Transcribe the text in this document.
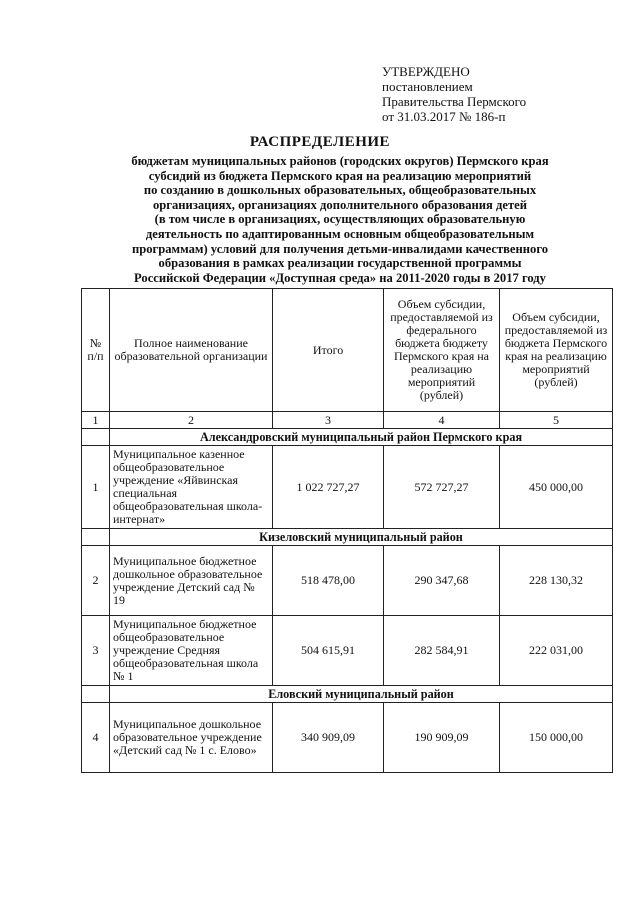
УТВЕРЖДЕНО
постановлением
Правительства Пермского
от 31.03.2017 № 186-п
РАСПРЕДЕЛЕНИЕ
бюджетам муниципальных районов (городских округов) Пермского края
субсидий из бюджета Пермского края на реализацию мероприятий
по созданию в дошкольных образовательных, общеобразовательных
организациях, организациях дополнительного образования детей
(в том числе в организациях, осуществляющих образовательную
деятельность по адаптированным основным общеобразовательным
программам) условий для получения детьми-инвалидами качественного
образования в рамках реализации государственной программы
Российской Федерации «Доступная среда» на 2011-2020 годы в 2017 году
№ п/п	Полное наименование образовательной организации	Итого	Объем субсидии, предоставляемой из федерального бюджета бюджету Пермского края на реализацию мероприятий (рублей)	Объем субсидии, предоставляемой из бюджета Пермского края на реализацию мероприятий (рублей)
1	2	3	4	5
	Александровский муниципальный район Пермского края			
1	Муниципальное казенное общеобразовательное учреждение «Яйвинская специальная общеобразовательная школа-интернат»	1 022 727,27	572 727,27	450 000,00
	Кизеловский муниципальный район			
2	Муниципальное бюджетное дошкольное образовательное учреждение Детский сад № 19	518 478,00	290 347,68	228 130,32
3	Муниципальное бюджетное общеобразовательное учреждение Средняя общеобразовательная школа № 1	504 615,91	282 584,91	222 031,00
	Еловский муниципальный район			
4	Муниципальное дошкольное образовательное учреждение «Детский сад № 1 с. Елово»	340 909,09	190 909,09	150 000,00
